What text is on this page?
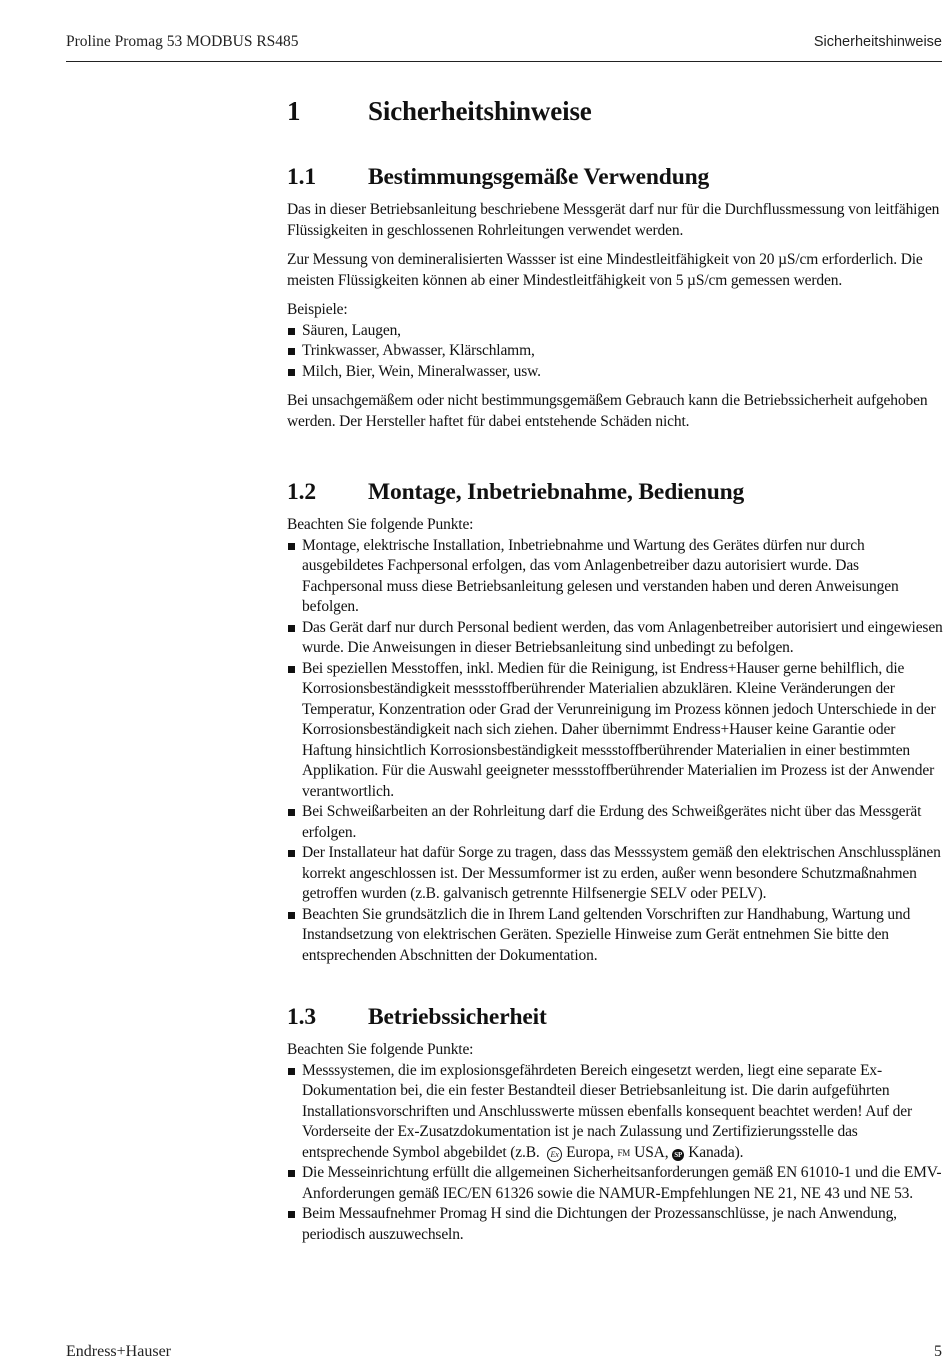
Proline Promag 53 MODBUS RS485	Sicherheitshinweise
1	Sicherheitshinweise
1.1	Bestimmungsgemäße Verwendung

Das in dieser Betriebsanleitung beschriebene Messgerät darf nur für die Durchflussmessung von leitfähigen Flüssigkeiten in geschlossenen Rohrleitungen verwendet werden.

Zur Messung von demineralisierten Wassser ist eine Mindestleitfähigkeit von 20 µS/cm erforderlich. Die meisten Flüssigkeiten können ab einer Mindestleitfähigkeit von 5 µS/cm gemessen werden.

Beispiele:

Säuren, Laugen,
Trinkwasser, Abwasser, Klärschlamm,
Milch, Bier, Wein, Mineralwasser, usw.

Bei unsachgemäßem oder nicht bestimmungsgemäßem Gebrauch kann die Betriebssicherheit aufgehoben werden. Der Hersteller haftet für dabei entstehende Schäden nicht.

1.2	Montage, Inbetriebnahme, Bedienung

Beachten Sie folgende Punkte:

Montage, elektrische Installation, Inbetriebnahme und Wartung des Gerätes dürfen nur durch ausgebildetes Fachpersonal erfolgen, das vom Anlagenbetreiber dazu autorisiert wurde. Das Fachpersonal muss diese Betriebsanleitung gelesen und verstanden haben und deren Anweisungen befolgen.
Das Gerät darf nur durch Personal bedient werden, das vom Anlagenbetreiber autorisiert und eingewiesen wurde. Die Anweisungen in dieser Betriebsanleitung sind unbedingt zu befolgen.
Bei speziellen Messtoffen, inkl. Medien für die Reinigung, ist Endress+Hauser gerne behilflich, die Korrosionsbeständigkeit messstoffberührender Materialien abzuklären. Kleine Veränderungen der Temperatur, Konzentration oder Grad der Verunreinigung im Prozess können jedoch Unterschiede in der Korrosionsbeständigkeit nach sich ziehen. Daher übernimmt Endress+Hauser keine Garantie oder Haftung hinsichtlich Korrosionsbeständigkeit messstoffberührender Materialien in einer bestimmten Applikation. Für die Auswahl geeigneter messstoffberührender Materialien im Prozess ist der Anwender verantwortlich.
Bei Schweißarbeiten an der Rohrleitung darf die Erdung des Schweißgerätes nicht über das Messgerät erfolgen.
Der Installateur hat dafür Sorge zu tragen, dass das Messsystem gemäß den elektrischen Anschlussplänen korrekt angeschlossen ist. Der Messumformer ist zu erden, außer wenn besondere Schutzmaßnahmen getroffen wurden (z.B. galvanisch getrennte Hilfsenergie SELV oder PELV).
Beachten Sie grundsätzlich die in Ihrem Land geltenden Vorschriften zur Handhabung, Wartung und Instandsetzung von elektrischen Geräten. Spezielle Hinweise zum Gerät entnehmen Sie bitte den entsprechenden Abschnitten der Dokumentation.
1.3	Betriebssicherheit

Beachten Sie folgende Punkte:

Messsystemen, die im explosionsgefährdeten Bereich eingesetzt werden, liegt eine separate Ex-Dokumentation bei, die ein fester Bestandteil dieser Betriebsanleitung ist. Die darin aufgeführten Installationsvorschriften und Anschlusswerte müssen ebenfalls konsequent beachtet werden! Auf der Vorderseite der Ex-Zusatzdokumentation ist je nach Zulassung und Zertifizierungsstelle das entsprechende Symbol abgebildet (z.B. Ex Europa, FM USA, SP Kanada).
Die Messeinrichtung erfüllt die allgemeinen Sicherheitsanforderungen gemäß EN 61010-1 und die EMV-Anforderungen gemäß IEC/EN 61326 sowie die NAMUR-Empfehlungen NE 21, NE 43 und NE 53.
Beim Messaufnehmer Promag H sind die Dichtungen der Prozessanschlüsse, je nach Anwendung, periodisch auszuwechseln.
Endress+Hauser	5
